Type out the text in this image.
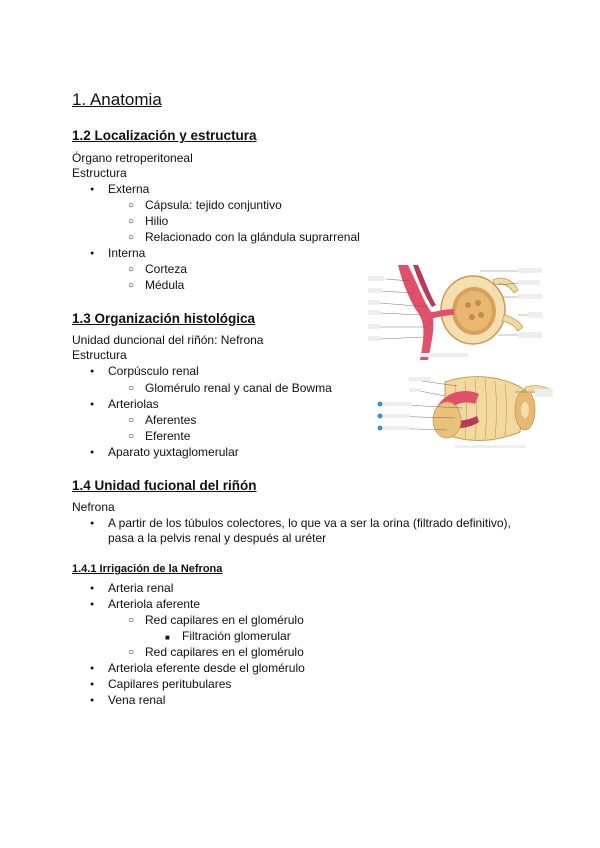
1. Anatomia
1.2 Localización y estructura
Órgano retroperitoneal
Estructura
● Externa
○ Cápsula: tejido conjuntivo
○ Hilio
○ Relacionado con la glándula suprarrenal
● Interna
○ Corteza
○ Médula
1.3 Organización histológica
Unidad duncional del riñón: Nefrona
Estructura
● Corpúsculo renal
○ Glomérulo renal y canal de Bowma
● Arteriolas
○ Aferentes
○ Eferente
● Aparato yuxtaglomerular
1.4 Unidad fucional del riñón
Nefrona
● A partir de los túbulos colectores, lo que va a ser la orina (filtrado definitivo),
pasa a la pelvis renal y después al uréter
1.4.1 Irrigación de la Nefrona
● Arteria renal
● Arteriola aferente
○ Red capilares en el glomérulo
■ Filtración glomerular
○ Red capilares en el glomérulo
● Arteriola eferente desde el glomérulo
● Capilares peritubulares
● Vena renal
